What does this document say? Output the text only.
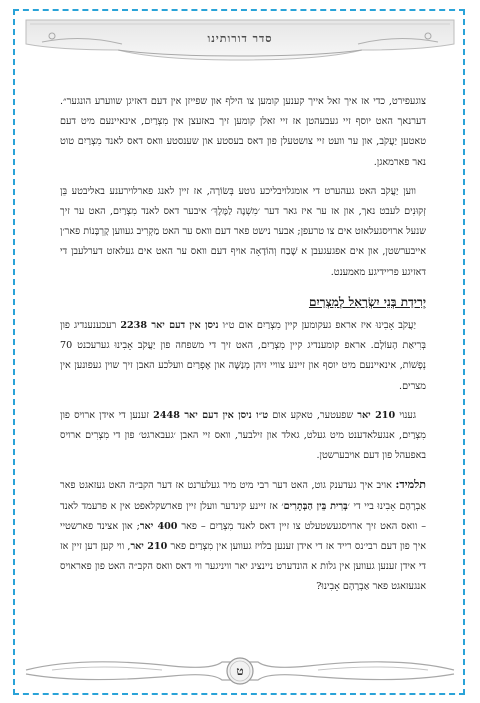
סדר דורותינו

צוגעפירט, כדי אז איך זאל אייך קענען קומען צו הילף און שפייזן אין דעם דאזיגן שווערע הונגער״. דערנאך האט יוסף זיי געבעהטן אז זיי זאלן קומען זיך באזעצן אין מִצְרַיִם, אינאיינעם מיט דעם טאטען יַעֲקֹב, און ער וועט זיי צושטעלן פון דאס בעסטע און שענסטע וואס דאס לאנד מִצְרַיִם טוט נאר פארמאגן.

ווען יַעֲקֹב האט געהערט די אומגלויבליכע גוטע בְּשׂוֹרָה, אז זיין לאנג פארלוירענע באליבטע בֵּן זְקוּנִים לעבט נאך, און אז ער איז גאר דער ׳מִשְׁנֶה לַמֶּלֶךְ׳ איבער דאס לאנד מִצְרַיִם, האט ער זיך שנעל ארויסגעלאזט אים צו טרעפן; אבער נישט פאר דעם וואס ער האט מַקְרִיב געווען קָרְבָּנוֹת פאר׳ן אייבערשטן, און אים אפגעגעבן א שֶׁבַח וְהוֹדָאָה אויף דעם וואס ער האט אים געלאזט דערלעבן די דאזיגע פריידיגע מאמענט.

יְרִידַת בְּנֵי יִשְׂרָאֵל לְמִצְרַיִם

יַעֲקֹב אָבִינוּ איז אראפ געקומען קיין מִצְרַיִם אום ט״ו ניסן אין דעם יאר 2238 רעכענענדיג פון בְּרִיאַת הָעוֹלָם. אראפ קומענדיג קיין מִצְרַיִם, האט זיך די משפחה פון יַעֲקֹב אָבִינוּ גערעכנט 70 נְפָשׁוֹת, אינאיינעם מיט יוסף און זיינע צוויי זיהן מְנַשֶּׁה און אֶפְרַיִם וועלכע האבן זיך שוין געפונען אין מצרים.

גענוי 210 יאר שפעטער, טאקע אום ט״ו ניסן אין דעם יאר 2448 זענען די אידן ארויס פון מִצְרַיִם, אנגעלאדענט מיט געלט, גאלד און זילבער, וואס זיי האבן ׳געבארגט׳ פון די מִצְרִים ארויס באפעהל פון דעם אויבערשטן.

תלמיד: אויב איך געדענק גוט, האט דער רבי מיט מיר געלערנט אז דער הקב״ה האט געזאגט פאר אַבְרָהָם אָבִינוּ ביי די ׳בְּרִית בֵּין הַבְּתָרִים׳ אז זיינע קינדער וועלן זיין פארשקלאפט אין א פרעמד לאנד – וואס האט זיך ארויסגעשטעלט צו זיין דאס לאנד מִצְרַיִם – פאר 400 יאר; און אצינד פארשטיי איך פון דעם רבי׳נס רייד אז די אידן זענען בלויז געווען אין מִצְרַיִם פאר 210 יאר, ווי קען דען זיין אז די אידן זענען געווען אין גלות א הונדערט ניינציג יאר וויניגער ווי דאס וואס הקב״ה האט פון פאראויס אנגעזאגט פאר אַבְרָהָם אָבִינוּ?

ט
